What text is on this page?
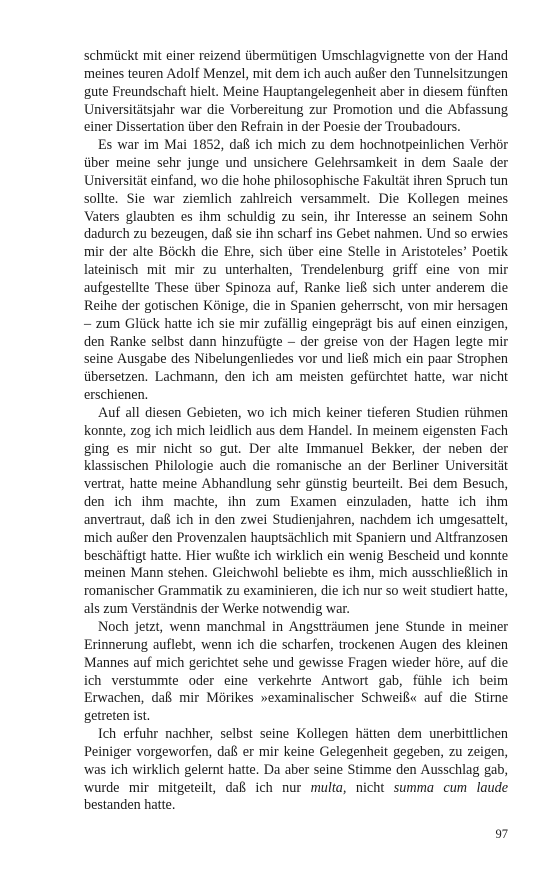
schmückt mit einer reizend übermütigen Umschlagvignette von der Hand meines teuren Adolf Menzel, mit dem ich auch außer den Tunnelsitzungen gute Freundschaft hielt. Meine Hauptangelegenheit aber in diesem fünften Universitätsjahr war die Vorbereitung zur Promotion und die Abfassung einer Dissertation über den Refrain in der Poesie der Troubadours.

Es war im Mai 1852, daß ich mich zu dem hochnotpeinlichen Verhör über meine sehr junge und unsichere Gelehrsamkeit in dem Saale der Universität einfand, wo die hohe philosophische Fakultät ihren Spruch tun sollte. Sie war ziemlich zahlreich versammelt. Die Kollegen meines Vaters glaubten es ihm schuldig zu sein, ihr Interesse an seinem Sohn dadurch zu bezeugen, daß sie ihn scharf ins Gebet nahmen. Und so erwies mir der alte Böckh die Ehre, sich über eine Stelle in Aristoteles’ Poetik lateinisch mit mir zu unterhalten, Trendelenburg griff eine von mir aufgestellte These über Spinoza auf, Ranke ließ sich unter anderem die Reihe der gotischen Könige, die in Spanien geherrscht, von mir hersagen – zum Glück hatte ich sie mir zufällig eingeprägt bis auf einen einzigen, den Ranke selbst dann hinzufügte – der greise von der Hagen legte mir seine Ausgabe des Nibelungenliedes vor und ließ mich ein paar Strophen übersetzen. Lachmann, den ich am meisten gefürchtet hatte, war nicht erschienen.

Auf all diesen Gebieten, wo ich mich keiner tieferen Studien rühmen konnte, zog ich mich leidlich aus dem Handel. In meinem eigensten Fach ging es mir nicht so gut. Der alte Immanuel Bekker, der neben der klassischen Philologie auch die romanische an der Berliner Universität vertrat, hatte meine Abhandlung sehr günstig beurteilt. Bei dem Besuch, den ich ihm machte, ihn zum Examen einzuladen, hatte ich ihm anvertraut, daß ich in den zwei Studienjahren, nachdem ich umgesattelt, mich außer den Provenzalen hauptsächlich mit Spaniern und Altfranzosen beschäftigt hatte. Hier wußte ich wirklich ein wenig Bescheid und konnte meinen Mann stehen. Gleichwohl beliebte es ihm, mich ausschließlich in romanischer Grammatik zu examinieren, die ich nur so weit studiert hatte, als zum Verständnis der Werke notwendig war.

Noch jetzt, wenn manchmal in Angstträumen jene Stunde in meiner Erinnerung auflebt, wenn ich die scharfen, trockenen Augen des kleinen Mannes auf mich gerichtet sehe und gewisse Fragen wieder höre, auf die ich verstummte oder eine verkehrte Antwort gab, fühle ich beim Erwachen, daß mir Mörikes »examinalischer Schweiß« auf die Stirne getreten ist.

Ich erfuhr nachher, selbst seine Kollegen hätten dem unerbittlichen Peiniger vorgeworfen, daß er mir keine Gelegenheit gegeben, zu zeigen, was ich wirklich gelernt hatte. Da aber seine Stimme den Ausschlag gab, wurde mir mitgeteilt, daß ich nur multa, nicht summa cum laude bestanden hatte.

97
